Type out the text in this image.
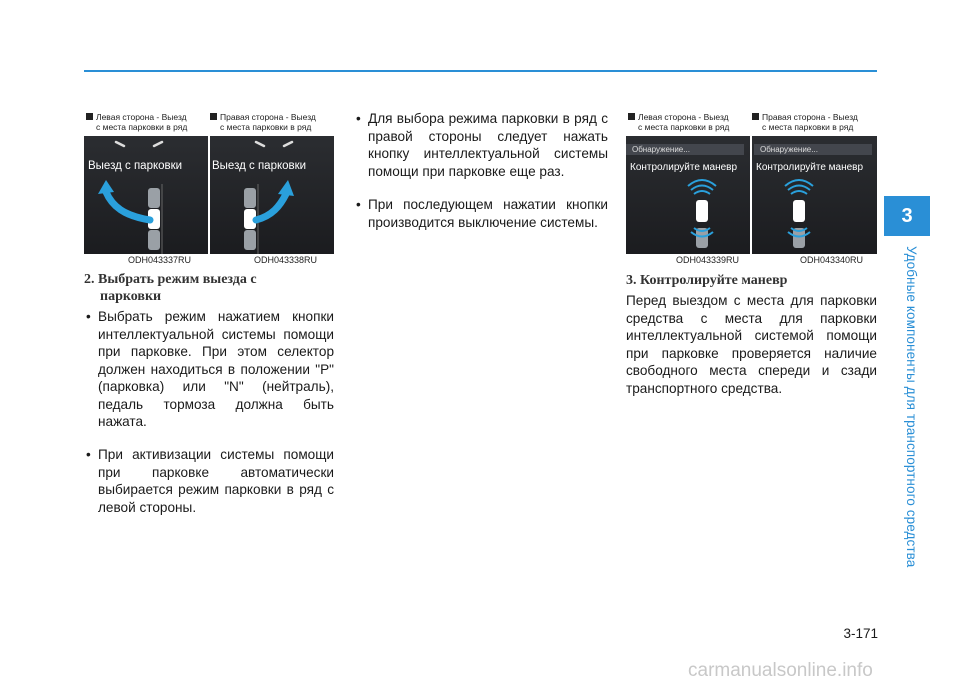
Левая сторона - Выезд
с места парковки в ряд
Правая сторона - Выезд
с места парковки в ряд
Выезд с парковки	Выезд с парковки
ODH043337RU	ODH043338RU
2. Выбрать режим выезда с
парковки
• Выбрать режим нажатием кнопки интеллектуальной системы помощи при парковке. При этом селектор должен находиться в положении "P" (парковка) или "N" (нейтраль), педаль тормоза должна быть нажата.
• При активизации системы помощи при парковке автоматически выбирается режим парковки в ряд с левой стороны.
• Для выбора режима парковки в ряд с правой стороны следует нажать кнопку интеллектуальной системы помощи при парковке еще раз.
• При последующем нажатии кнопки производится выключение системы.
Левая сторона - Выезд
с места парковки в ряд
Правая сторона - Выезд
с места парковки в ряд
Обнаружение...	Обнаружение...
Контролируйте маневр Контролируйте маневр
ODH043339RU	ODH043340RU
3. Контролируйте маневр
Перед выездом с места для парковки средства с места для парковки интеллектуальной системой помощи при парковке проверяется наличие свободного места спереди и сзади транспортного средства.
3
Удобные компоненты для транспортного средства
3-171
carmanualsonline.info
